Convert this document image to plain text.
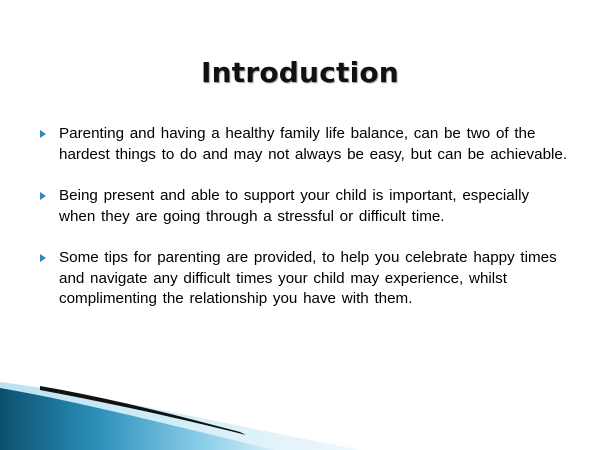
Introduction
Parenting and having a healthy family life balance, can be two of the hardest things to do and may not always be easy, but can be achievable.
Being present and able to support your child is important, especially when they are going through a stressful or difficult time.
Some tips for parenting are provided, to help you celebrate happy times and navigate any difficult times your child may experience, whilst complimenting the relationship you have with them.
